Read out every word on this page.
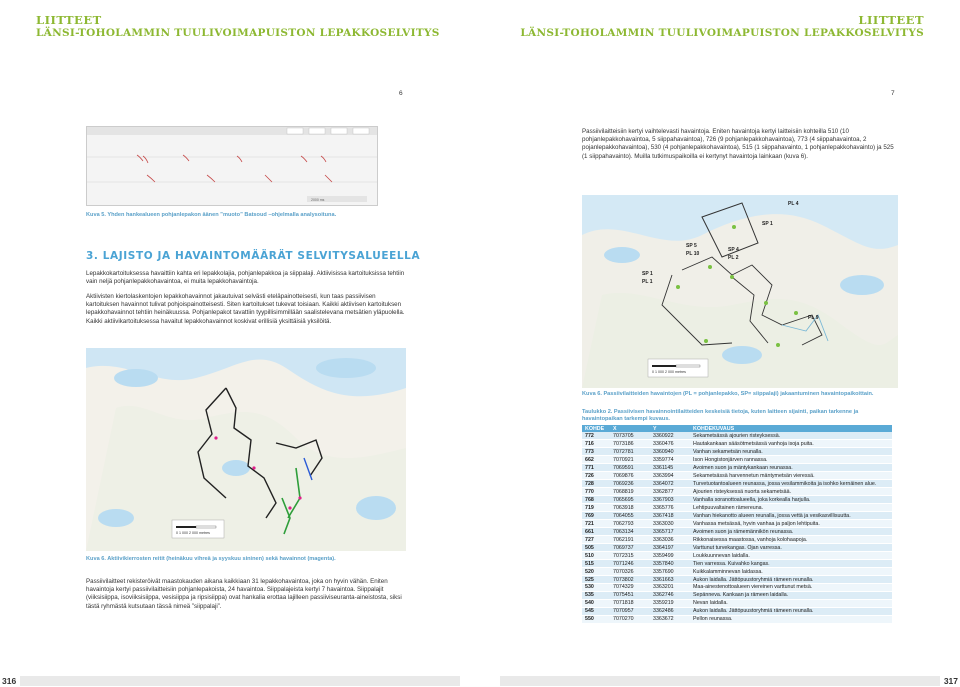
LIITTEET
LÄNSI-TOHOLAMMIN TUULIVOIMAPUISTON LEPAKKOSELVITYS
LIITTEET
LÄNSI-TOHOLAMMIN TUULIVOIMAPUISTON LEPAKKOSELVITYS
6	7
2000 ms
Kuva 5. Yhden hankealueen pohjanlepakon äänen ”muoto” Batsoud –ohjelmalla analysoituna.
3. LAJISTO JA HAVAINTOMÄÄRÄT SELVITYSALUEELLA
Lepakkokartoituksessa havaittiin kahta eri lepakkolajia, pohjanlepakkoa ja siippalaji. Aktiivisissa kartoituksissa tehtiin vain neljä pohjanlepakkohavaintoa, ei muita lepakkohavaintoja.
Aktiivisten kiertolaskentojen lepakkohavainnot jakautuivat selvästi eteläpainotteisesti, kun taas passiivisen kartoituksen havainnot tulivat pohjoispainotteisesti. Siten kartoitukset tukevat toisiaan. Kaikki aktiivisen kartoituksen lepakkohavainnot tehtiin heinäkuussa. Pohjanlepakot tavattiin tyypillisimmillään saalistelevana metsätien yläpuolella. Kaikki aktiivikartoituksessa havaitut lepakkohavainnot koskivat erillisiä yksittäisiä yksilöitä.
0 1 000 2 000 metres
Kuva 6. Aktiivikierrosten reitit (heinäkuu vihreä ja syyskuu sininen) sekä havainnot (magenta).
Passiivilaitteet rekisteröivät maastokauden aikana kaikkiaan 31 lepakkohavaintoa, joka on hyvin vähän. Eniten havaintoja kertyi passiivilaitteisiin pohjanlepakoista, 24 havaintoa. Siippalajeista kertyi 7 havaintoa. Siippalajit (viiksisiippa, isoviiksisiippa, vesisiippa ja ripsisiippa) ovat hankalia erottaa lajilleen passiiviseuranta-aineistosta, siksi tästä ryhmästä kutsutaan tässä nimeä ”siippalaji”.
Passiivilaitteisiin kertyi vaihtelevasti havaintoja. Eniten havaintoja kertyi laitteisiin kohteilla 510 (10 pohjanlepakkohavaintoa, 5 siippahavaintoa), 726 (9 pohjanlepakkohavaintoa), 773 (4 siippahavaintoa, 2 pojanlepakkohavaintoa), 530 (4 pohjanlepakkohavaintoa), 515 (1 siippahavainto, 1 pohjanlepakkohavainto) ja 525 (1 siippahavainto). Muilla tutkimuspaikoilla ei kertynyt havaintoja lainkaan (kuva 6).
PL 4
SP 1
SP 5
PL 10
SP 4
PL 2
SP 1
PL 1
PL 9
0 1 000 2 000 metres
Kuva 6. Passiivilaitteiden havaintojen (PL = pohjanlepakko, SP= siippalaji) jakaantuminen havaintopaikoittain.
Taulukko 2. Passiivisen havainnointilaitteiden keskeisiä tietoja, kuten laitteen sijainti, paikan tarkenne ja havaintopaikan tarkempi kuvaus.
KOHDE	X	Y	KOHDEKUVAUS
772	7073705	3360922	Sekametsässä ajourien risteyksessä.
716	7073186	3360476	Hautakankaan sääsötmetsässä vanhoja isoja puita.
773	7072781	3360940	Vanhan sekametsän reunalla.
662	7070921	3359774	Ison Hongistonjärven rannassa.
771	7069591	3361145	Avoimen suon ja mäntykankaan reunassa.
726	7069876	3363994	Sekametsässä harvennetun mäntymetsän vieressä.
728	7069236	3364072	Turvetuotantoalueen reunassa, jossa vesilammikoita ja isohko kernäinen alue.
770	7068819	3362877	Ajourien risteyksessä nuorta sekametsää.
768	7065695	3367903	Vanhalla soranottoalueella, joka korkealla harjulla.
719	7063918	3365776	Lehtipuuvaltainen rämereuna.
769	7064055	3367418	Vanhan hiekanotto alueen reunalla, jossa vettä ja vesikasvillisuutta.
721	7062793	3363030	Vanhassa metsässä, hyvin vanhaa ja paljon lehtipuita.
661	7063134	3365717	Avoimen suon ja rämemännikön reunassa.
727	7062191	3363036	Rikkonaisessa maastossa, vanhoja kolohaapoja.
505	7069737	3364197	Varttunut turvekangas. Ojan varressa.
510	7072315	3359499	Loukkuunnevan laidalla.
515	7071246	3357840	Tien varressa. Kuivahko kangas.
520	7070326	3357690	Kuikkalamminnevan laidassa.
525	7073802	3361663	Aukon laidalla. Jättöpuustoryhmiä rämeen reunalla.
530	7074329	3363201	Maa-ainestenottoalueen viereinen varttunut metsä.
535	7075451	3362746	Sepännevа. Kankaan ja rämeen laidalla.
540	7071818	3359219	Nevan laidalla.
545	7070957	3362486	Aukon laidalla. Jättöpuustoryhmiä rämeen reunalla.
550	7070270	3363672	Pellon reunassa.
316	317
